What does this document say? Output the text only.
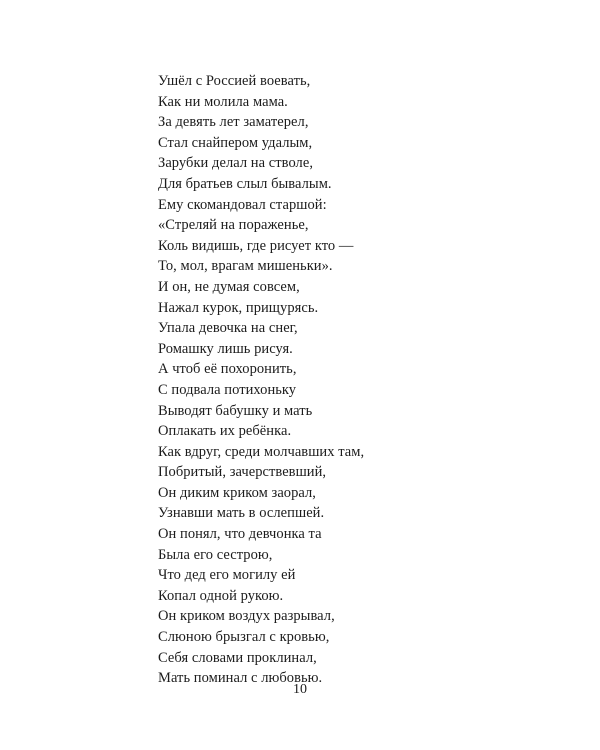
Ушёл с Россией воевать,
Как ни молила мама.
За девять лет заматерел,
Стал снайпером удалым,
Зарубки делал на стволе,
Для братьев слыл бывалым.
Ему скомандовал старшой:
«Стреляй на пораженье,
Коль видишь, где рисует кто —
То, мол, врагам мишеньки».
И он, не думая совсем,
Нажал курок, прищурясь.
Упала девочка на снег,
Ромашку лишь рисуя.
А чтоб её похоронить,
С подвала потихоньку
Выводят бабушку и мать
Оплакать их ребёнка.
Как вдруг, среди молчавших там,
Побритый, зачерствевший,
Он диким криком заорал,
Узнавши мать в ослепшей.
Он понял, что девчонка та
Была его сестрою,
Что дед его могилу ей
Копал одной рукою.
Он криком воздух разрывал,
Слюною брызгал с кровью,
Себя словами проклинал,
Мать поминал с любовью.
10
